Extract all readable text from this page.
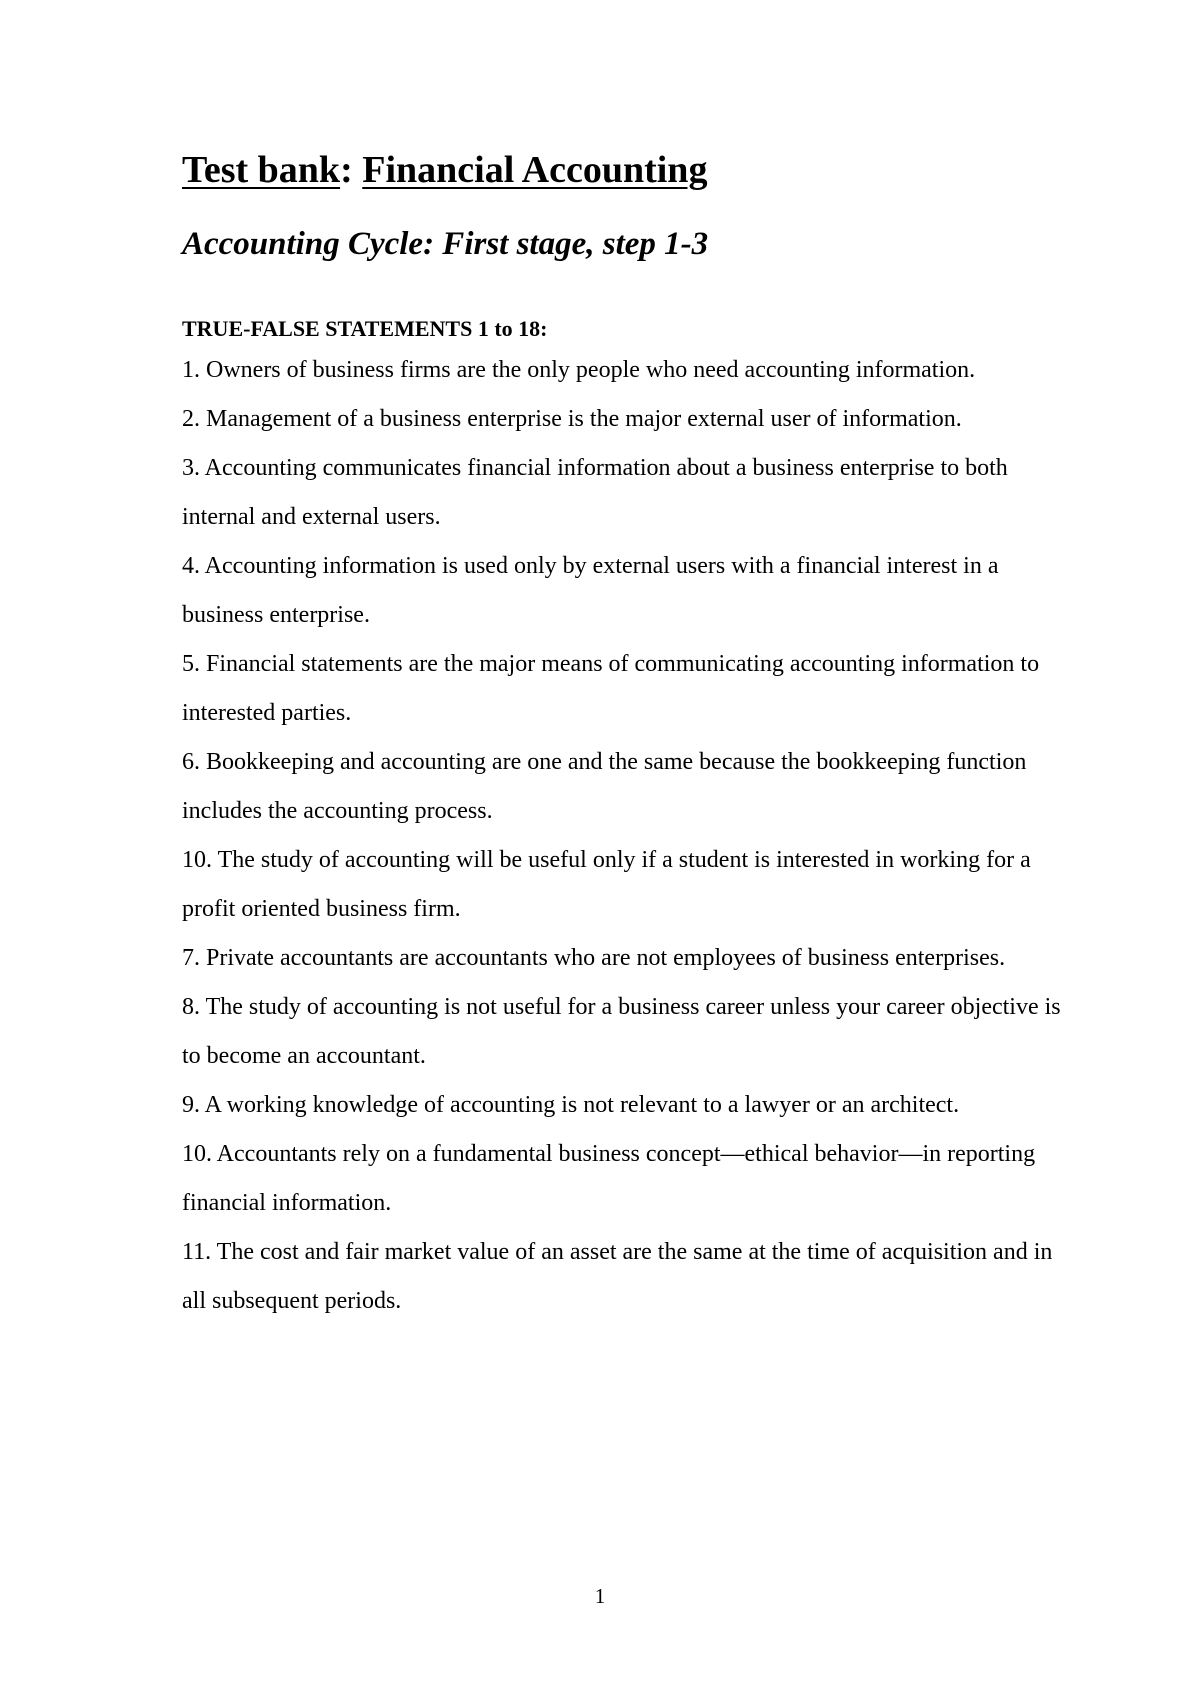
Test bank: Financial Accounting
Accounting Cycle: First stage, step 1-3
TRUE-FALSE STATEMENTS 1 to 18:
1. Owners of business firms are the only people who need accounting information.
2. Management of a business enterprise is the major external user of information.
3. Accounting communicates financial information about a business enterprise to both internal and external users.
4. Accounting information is used only by external users with a financial interest in a business enterprise.
5. Financial statements are the major means of communicating accounting information to interested parties.
6. Bookkeeping and accounting are one and the same because the bookkeeping function includes the accounting process.
10. The study of accounting will be useful only if a student is interested in working for a profit oriented business firm.
7. Private accountants are accountants who are not employees of business enterprises.
8. The study of accounting is not useful for a business career unless your career objective is to become an accountant.
9. A working knowledge of accounting is not relevant to a lawyer or an architect.
10. Accountants rely on a fundamental business concept—ethical behavior—in reporting financial information.
11. The cost and fair market value of an asset are the same at the time of acquisition and in all subsequent periods.
1
